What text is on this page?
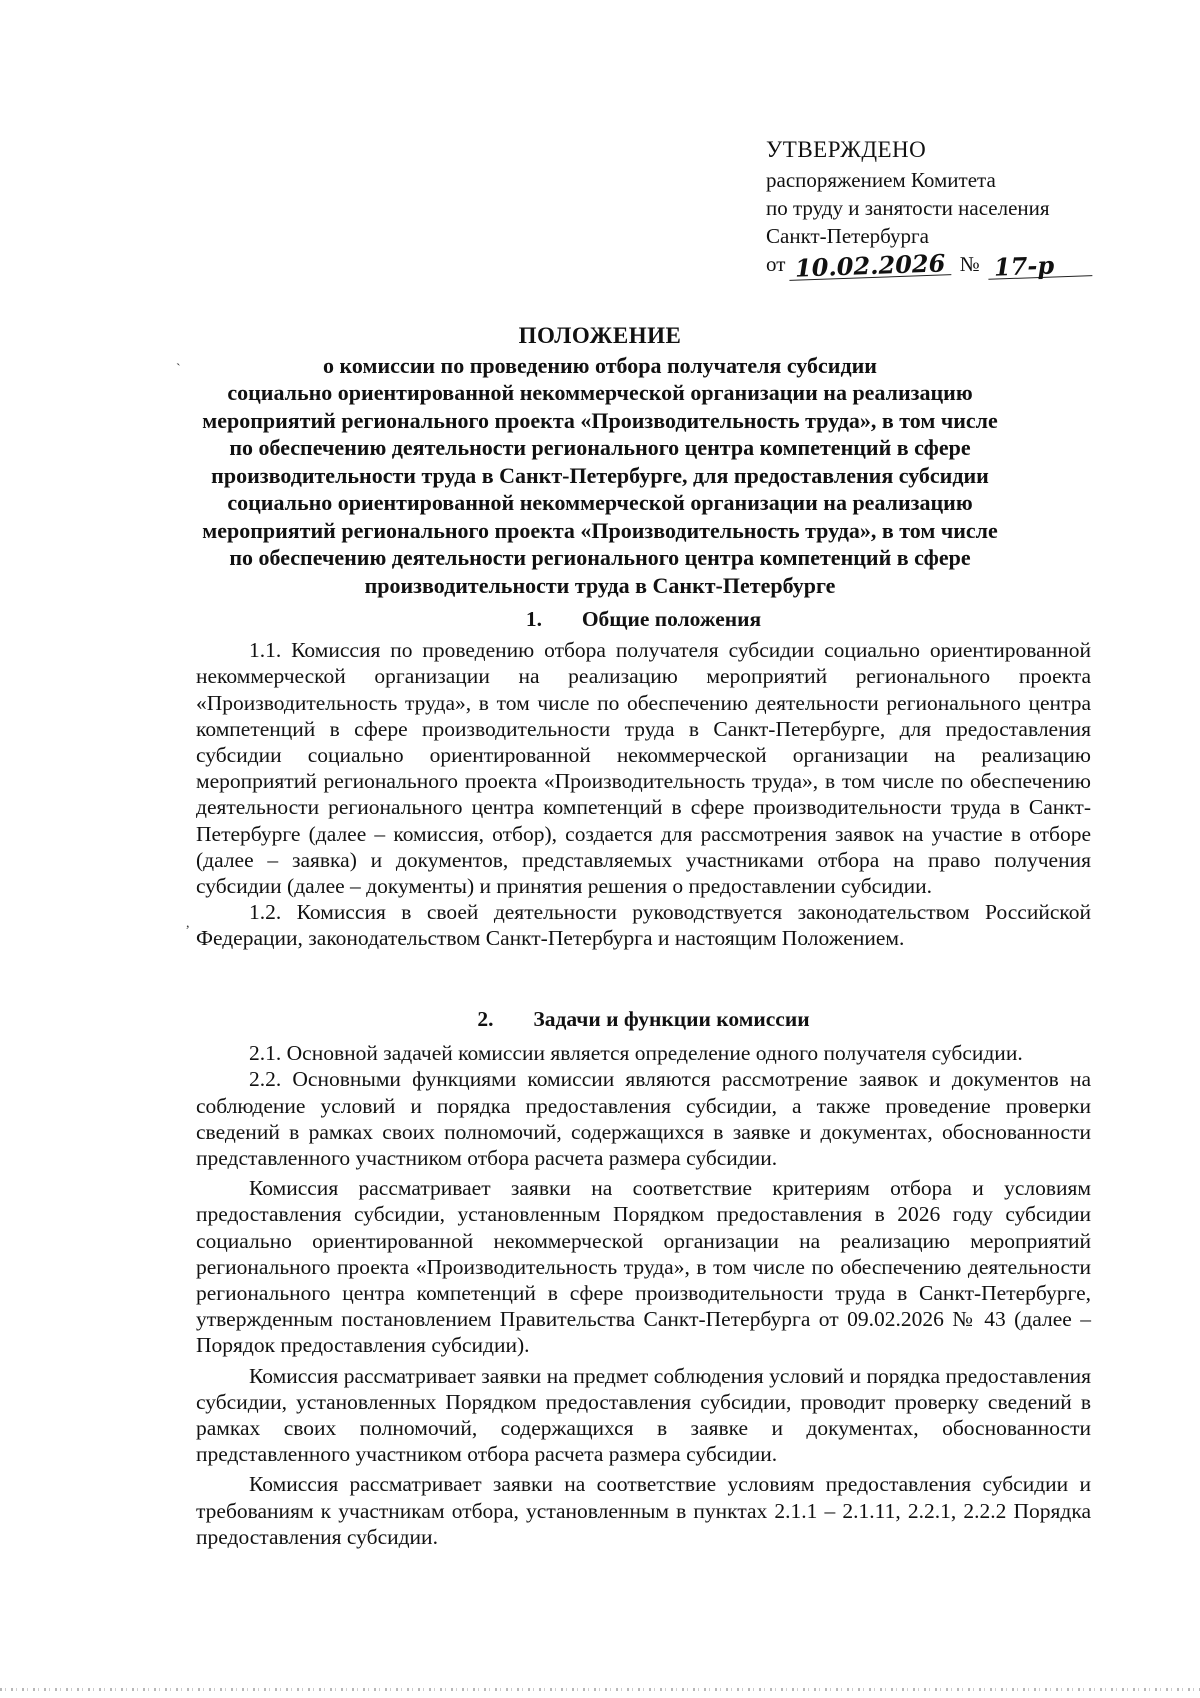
УТВЕРЖДЕНО
распоряжением Комитета
по труду и занятости населения
Санкт-Петербурга
от 10.02.2026 № 17-р
ПОЛОЖЕНИЕ
о комиссии по проведению отбора получателя субсидии
социально ориентированной некоммерческой организации на реализацию
мероприятий регионального проекта «Производительность труда», в том числе
по обеспечению деятельности регионального центра компетенций в сфере
производительности труда в Санкт-Петербурге, для предоставления субсидии
социально ориентированной некоммерческой организации на реализацию
мероприятий регионального проекта «Производительность труда», в том числе
по обеспечению деятельности регионального центра компетенций в сфере
производительности труда в Санкт-Петербурге
`
1. Общие положения

1.1. Комиссия по проведению отбора получателя субсидии социально ориентированной некоммерческой организации на реализацию мероприятий регионального проекта «Производительность труда», в том числе по обеспечению деятельности регионального центра компетенций в сфере производительности труда в Санкт-Петербурге, для предоставления субсидии социально ориентированной некоммерческой организации на реализацию мероприятий регионального проекта «Производительность труда», в том числе по обеспечению деятельности регионального центра компетенций в сфере производительности труда в Санкт-Петербурге (далее – комиссия, отбор), создается для рассмотрения заявок на участие в отборе (далее – заявка) и документов, представляемых участниками отбора на право получения субсидии (далее – документы) и принятия решения о предоставлении субсидии.

1.2. Комиссия в своей деятельности руководствуется законодательством Российской Федерации, законодательством Санкт-Петербурга и настоящим Положением.

,
2. Задачи и функции комиссии

2.1. Основной задачей комиссии является определение одного получателя субсидии.

2.2. Основными функциями комиссии являются рассмотрение заявок и документов на соблюдение условий и порядка предоставления субсидии, а также проведение проверки сведений в рамках своих полномочий, содержащихся в заявке и документах, обоснованности представленного участником отбора расчета размера субсидии.

Комиссия рассматривает заявки на соответствие критериям отбора и условиям предоставления субсидии, установленным Порядком предоставления в 2026 году субсидии социально ориентированной некоммерческой организации на реализацию мероприятий регионального проекта «Производительность труда», в том числе по обеспечению деятельности регионального центра компетенций в сфере производительности труда в Санкт-Петербурге, утвержденным постановлением Правительства Санкт-Петербурга от 09.02.2026 № 43 (далее – Порядок предоставления субсидии).

Комиссия рассматривает заявки на предмет соблюдения условий и порядка предоставления субсидии, установленных Порядком предоставления субсидии, проводит проверку сведений в рамках своих полномочий, содержащихся в заявке и документах, обоснованности представленного участником отбора расчета размера субсидии.

Комиссия рассматривает заявки на соответствие условиям предоставления субсидии и требованиям к участникам отбора, установленным в пунктах 2.1.1 – 2.1.11, 2.2.1, 2.2.2 Порядка предоставления субсидии.
